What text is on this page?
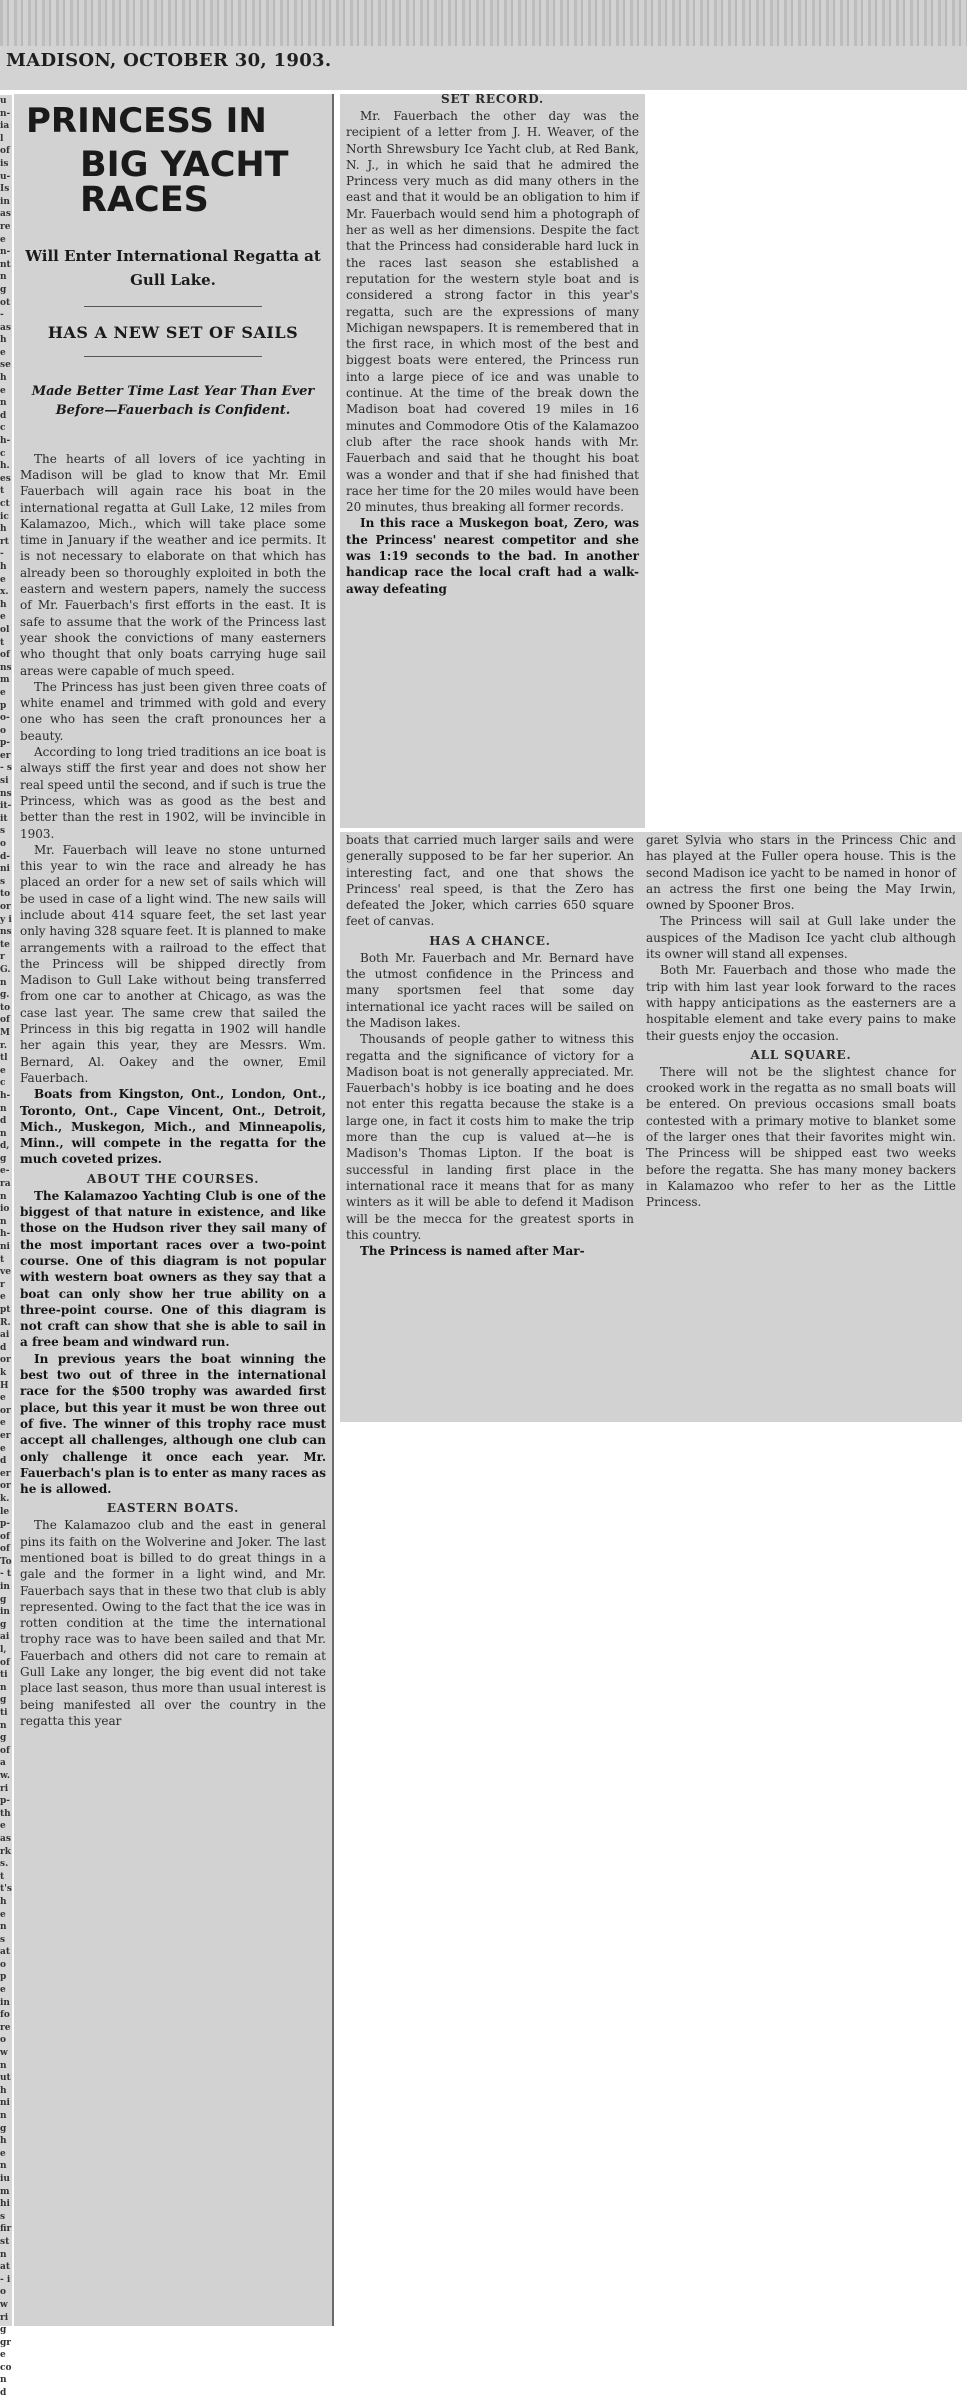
MADISON, OCTOBER 30, 1903.
un- ial of is u- Is in as re en- nt ng ot- as he se he nd ch- ch. est ct ich rt- he x. he olt of ns me po- op- er- ssi ns it- its od- nis to ory ins ter G. ng. to of Mr. tle ch- nd nd, ge- ran ion h- nit ver ept R. aid ork He ore ere der ork. lep- of of To- ting ing ail, of ting ting of aw. rip- the as rks. tt's hen s at ope in fore own uth ning hen ium his first nat- iow rig gre cond
PRINCESS IN
BIG YACHT RACES
Will Enter International Regatta at Gull Lake.
HAS A NEW SET OF SAILS
Made Better Time Last Year Than Ever Before—Fauerbach is Confident.

The hearts of all lovers of ice yachting in Madison will be glad to know that Mr. Emil Fauerbach will again race his boat in the international regatta at Gull Lake, 12 miles from Kalamazoo, Mich., which will take place some time in January if the weather and ice permits. It is not necessary to elaborate on that which has already been so thoroughly exploited in both the eastern and western papers, namely the success of Mr. Fauerbach's first efforts in the east. It is safe to assume that the work of the Princess last year shook the convictions of many easterners who thought that only boats carrying huge sail areas were capable of much speed.

The Princess has just been given three coats of white enamel and trimmed with gold and every one who has seen the craft pronounces her a beauty.

According to long tried traditions an ice boat is always stiff the first year and does not show her real speed until the second, and if such is true the Princess, which was as good as the best and better than the rest in 1902, will be invincible in 1903.

Mr. Fauerbach will leave no stone unturned this year to win the race and already he has placed an order for a new set of sails which will be used in case of a light wind. The new sails will include about 414 square feet, the set last year only having 328 square feet. It is planned to make arrangements with a railroad to the effect that the Princess will be shipped directly from Madison to Gull Lake without being transferred from one car to another at Chicago, as was the case last year. The same crew that sailed the Princess in this big regatta in 1902 will handle her again this year, they are Messrs. Wm. Bernard, Al. Oakey and the owner, Emil Fauerbach.

Boats from Kingston, Ont., London, Ont., Toronto, Ont., Cape Vincent, Ont., Detroit, Mich., Muskegon, Mich., and Minneapolis, Minn., will compete in the regatta for the much coveted prizes.

ABOUT THE COURSES.

The Kalamazoo Yachting Club is one of the biggest of that nature in existence, and like those on the Hudson river they sail many of the most important races over a two-point course. One of this diagram is not popular with western boat owners as they say that a boat can only show her true ability on a three-point course. One of this diagram is not craft can show that she is able to sail in a free beam and windward run.

In previous years the boat winning the best two out of three in the international race for the $500 trophy was awarded first place, but this year it must be won three out of five. The winner of this trophy race must accept all challenges, although one club can only challenge it once each year. Mr. Fauerbach's plan is to enter as many races as he is allowed.

EASTERN BOATS.

The Kalamazoo club and the east in general pins its faith on the Wolverine and Joker. The last mentioned boat is billed to do great things in a gale and the former in a light wind, and Mr. Fauerbach says that in these two that club is ably represented. Owing to the fact that the ice was in rotten condition at the time the international trophy race was to have been sailed and that Mr. Fauerbach and others did not care to remain at Gull Lake any longer, the big event did not take place last season, thus more than usual interest is being manifested all over the country in the regatta this year

SET RECORD.

Mr. Fauerbach the other day was the recipient of a letter from J. H. Weaver, of the North Shrewsbury Ice Yacht club, at Red Bank, N. J., in which he said that he admired the Princess very much as did many others in the east and that it would be an obligation to him if Mr. Fauerbach would send him a photograph of her as well as her dimensions. Despite the fact that the Princess had considerable hard luck in the races last season she established a reputation for the western style boat and is considered a strong factor in this year's regatta, such are the expressions of many Michigan newspapers. It is remembered that in the first race, in which most of the best and biggest boats were entered, the Princess run into a large piece of ice and was unable to continue. At the time of the break down the Madison boat had covered 19 miles in 16 minutes and Commodore Otis of the Kalamazoo club after the race shook hands with Mr. Fauerbach and said that he thought his boat was a wonder and that if she had finished that race her time for the 20 miles would have been 20 minutes, thus breaking all former records.

In this race a Muskegon boat, Zero, was the Princess' nearest competitor and she was 1:19 seconds to the bad. In another handicap race the local craft had a walk-away defeating

boats that carried much larger sails and were generally supposed to be far her superior. An interesting fact, and one that shows the Princess' real speed, is that the Zero has defeated the Joker, which carries 650 square feet of canvas.

HAS A CHANCE.

Both Mr. Fauerbach and Mr. Bernard have the utmost confidence in the Princess and many sportsmen feel that some day international ice yacht races will be sailed on the Madison lakes.

Thousands of people gather to witness this regatta and the significance of victory for a Madison boat is not generally appreciated. Mr. Fauerbach's hobby is ice boating and he does not enter this regatta because the stake is a large one, in fact it costs him to make the trip more than the cup is valued at—he is Madison's Thomas Lipton. If the boat is successful in landing first place in the international race it means that for as many winters as it will be able to defend it Madison will be the mecca for the greatest sports in this country.

The Princess is named after Mar-

garet Sylvia who stars in the Princess Chic and has played at the Fuller opera house. This is the second Madison ice yacht to be named in honor of an actress the first one being the May Irwin, owned by Spooner Bros.

The Princess will sail at Gull lake under the auspices of the Madison Ice yacht club although its owner will stand all expenses.

Both Mr. Fauerbach and those who made the trip with him last year look forward to the races with happy anticipations as the easterners are a hospitable element and take every pains to make their guests enjoy the occasion.

ALL SQUARE.

There will not be the slightest chance for crooked work in the regatta as no small boats will be entered. On previous occasions small boats contested with a primary motive to blanket some of the larger ones that their favorites might win. The Princess will be shipped east two weeks before the regatta. She has many money backers in Kalamazoo who refer to her as the Little Princess.
